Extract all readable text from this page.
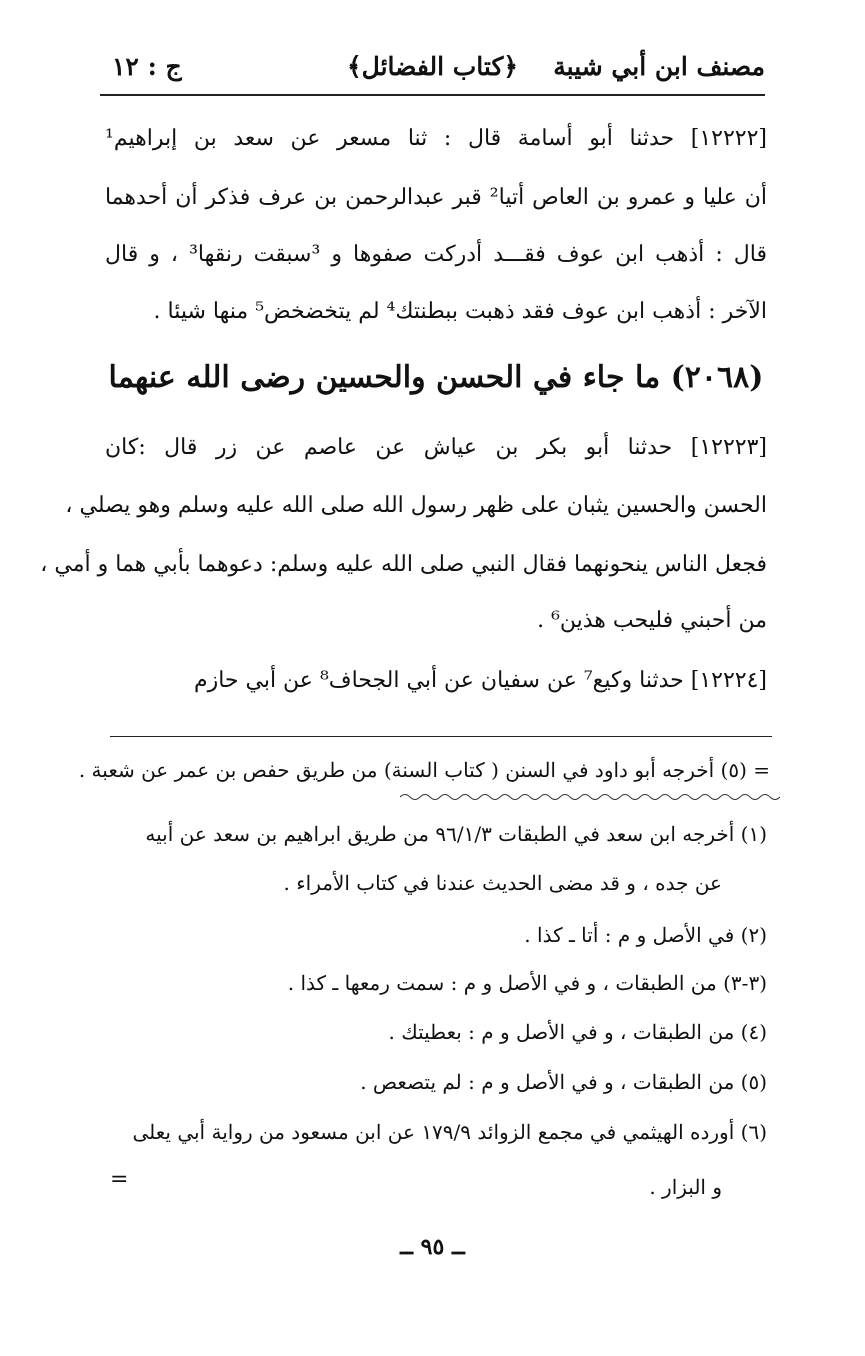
مصنف ابن أبي شيبة
﴿كتاب الفضائل﴾
ج : ١٢
[١٢٢٢٢] حدثنا أبو أسامة قال : ثنا مسعر عن سعد بن إبراهيم¹
أن عليا و عمرو بن العاص أتيا² قبر عبدالرحمن بن عرف فذكر أن أحدهما
قال : أذهب ابن عوف فقـــد أدركت صفوها و ³سبقت رنقها³ ، و قال
الآخر : أذهب ابن عوف فقد ذهبت ببطنتك⁴ لم يتخضخض⁵ منها شيئا .
(٢٠٦٨) ما جاء في الحسن والحسين رضى الله عنهما
[١٢٢٢٣] حدثنا أبو بكر بن عياش عن عاصم عن زر قال :كان
الحسن والحسين يثبان على ظهر رسول الله صلى الله عليه وسلم وهو يصلي ،
فجعل الناس ينحونهما فقال النبي صلى الله عليه وسلم: دعوهما بأبي هما و أمي ،
من أحبني فليحب هذين⁶ .
[١٢٢٢٤] حدثنا وكيع⁷ عن سفيان عن أبي الجحاف⁸ عن أبي حازم
= (٥) أخرجه أبو داود في السنن ( كتاب السنة) من طريق حفص بن عمر عن شعبة .
(١) أخرجه ابن سعد في الطبقات ٩٦/١/٣ من طريق ابراهيم بن سعد عن أبيه
عن جده ، و قد مضى الحديث عندنا في كتاب الأمراء .
(٢) في الأصل و م : أتا ـ كذا .
(٣-٣) من الطبقات ، و في الأصل و م : سمت رمعها ـ كذا .
(٤) من الطبقات ، و في الأصل و م : بعطيتك .
(٥) من الطبقات ، و في الأصل و م : لم يتصعص .
(٦) أورده الهيثمي في مجمع الزوائد ١٧٩/٩ عن ابن مسعود من رواية أبي يعلى
و البزار .
=
ــ ٩٥ ــ
